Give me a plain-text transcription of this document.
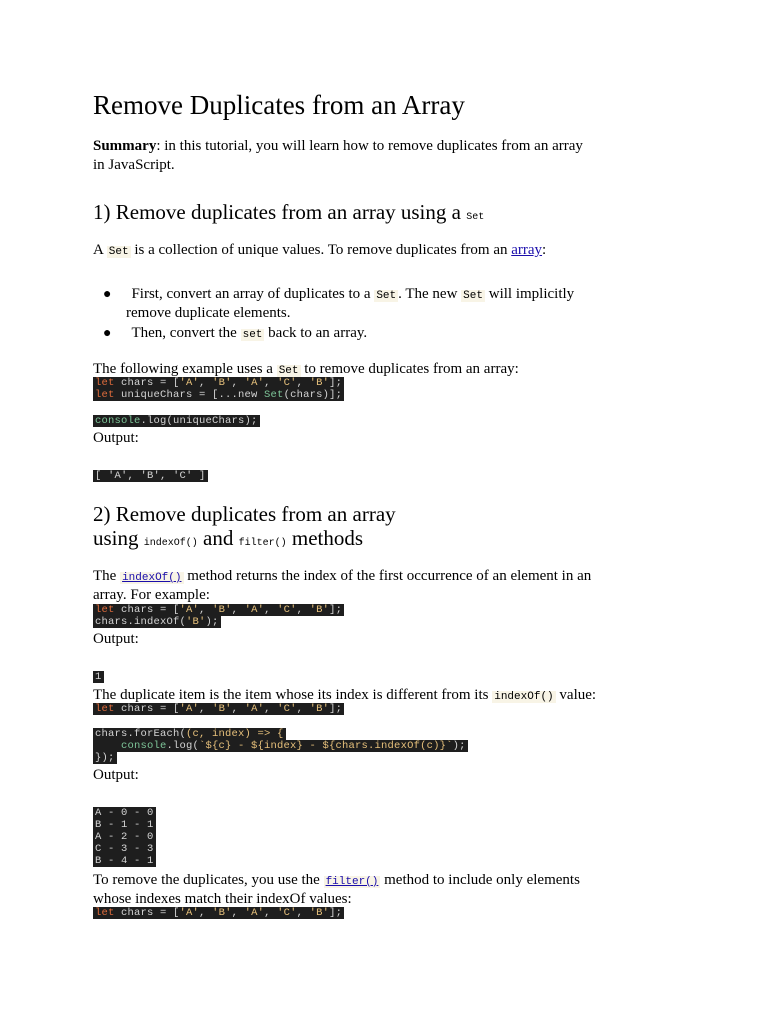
Remove Duplicates from an Array
Summary: in this tutorial, you will learn how to remove duplicates from an array
in JavaScript.
1) Remove duplicates from an array using a Set
A Set is a collection of unique values. To remove duplicates from an array:
● First, convert an array of duplicates to a Set . The new Set will implicitly
remove duplicate elements.
● Then, convert the set back to an array.
The following example uses a Set to remove duplicates from an array:
let chars = ['A', 'B', 'A', 'C', 'B'];
let uniqueChars = [...new Set(chars)];
console.log(uniqueChars);
Output:
[ 'A', 'B', 'C' ]
2) Remove duplicates from an array
using indexOf() and filter() methods
The indexOf() method returns the index of the first occurrence of an element in an
array. For example:
let chars = ['A', 'B', 'A', 'C', 'B'];
chars.indexOf('B');
Output:
1
The duplicate item is the item whose its index is different from its indexOf() value:
let chars = ['A', 'B', 'A', 'C', 'B'];
chars.forEach((c, index) => {
console.log(`${c} - ${index} - ${chars.indexOf(c)}`);
});
Output:
A - 0 - 0
B - 1 - 1
A - 2 - 0
C - 3 - 3
B - 4 - 1
To remove the duplicates, you use the filter() method to include only elements
whose indexes match their indexOf values:
let chars = ['A', 'B', 'A', 'C', 'B'];
